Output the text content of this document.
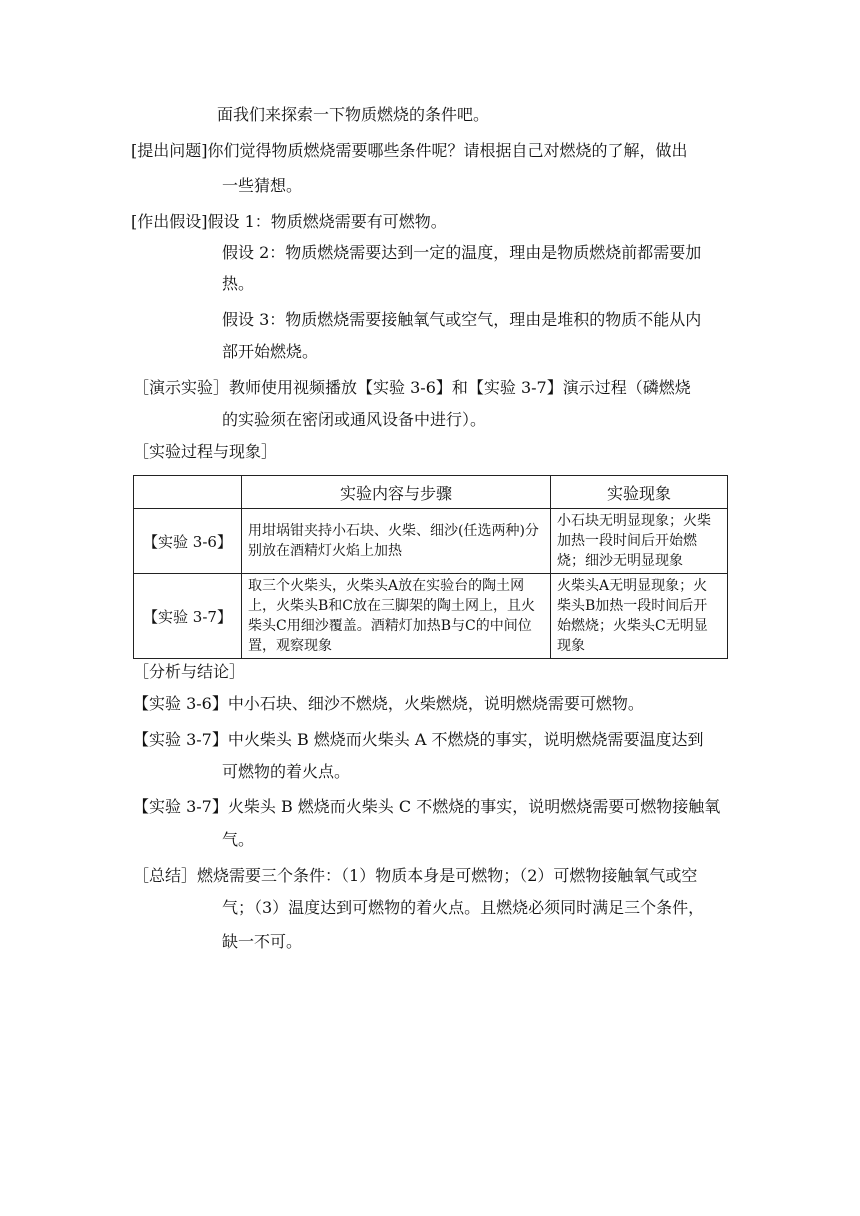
面我们来探索一下物质燃烧的条件吧。
[提出问题]你们觉得物质燃烧需要哪些条件呢？请根据自己对燃烧的了解，做出
一些猜想。
[作出假设]假设 1：物质燃烧需要有可燃物。
假设 2：物质燃烧需要达到一定的温度，理由是物质燃烧前都需要加
热。
假设 3：物质燃烧需要接触氧气或空气，理由是堆积的物质不能从内
部开始燃烧。
［演示实验］教师使用视频播放【实验 3-6】和【实验 3-7】演示过程（磷燃烧
的实验须在密闭或通风设备中进行）。
［实验过程与现象］
	实验内容与步骤	实验现象
【实验 3-6】	用坩埚钳夹持小石块、火柴、细沙(任选两种)分别放在酒精灯火焰上加热	小石块无明显现象；火柴加热一段时间后开始燃烧；细沙无明显现象
【实验 3-7】	取三个火柴头，火柴头A放在实验台的陶土网上，火柴头B和C放在三脚架的陶土网上，且火柴头C用细沙覆盖。酒精灯加热B与C的中间位置，观察现象	火柴头A无明显现象；火柴头B加热一段时间后开始燃烧；火柴头C无明显现象
［分析与结论］
【实验 3-6】中小石块、细沙不燃烧，火柴燃烧，说明燃烧需要可燃物。
【实验 3-7】中火柴头 B 燃烧而火柴头 A 不燃烧的事实，说明燃烧需要温度达到
可燃物的着火点。
【实验 3-7】火柴头 B 燃烧而火柴头 C 不燃烧的事实，说明燃烧需要可燃物接触氧
气。
［总结］燃烧需要三个条件：（1）物质本身是可燃物；（2）可燃物接触氧气或空
气；（3）温度达到可燃物的着火点。且燃烧必须同时满足三个条件，
缺一不可。
